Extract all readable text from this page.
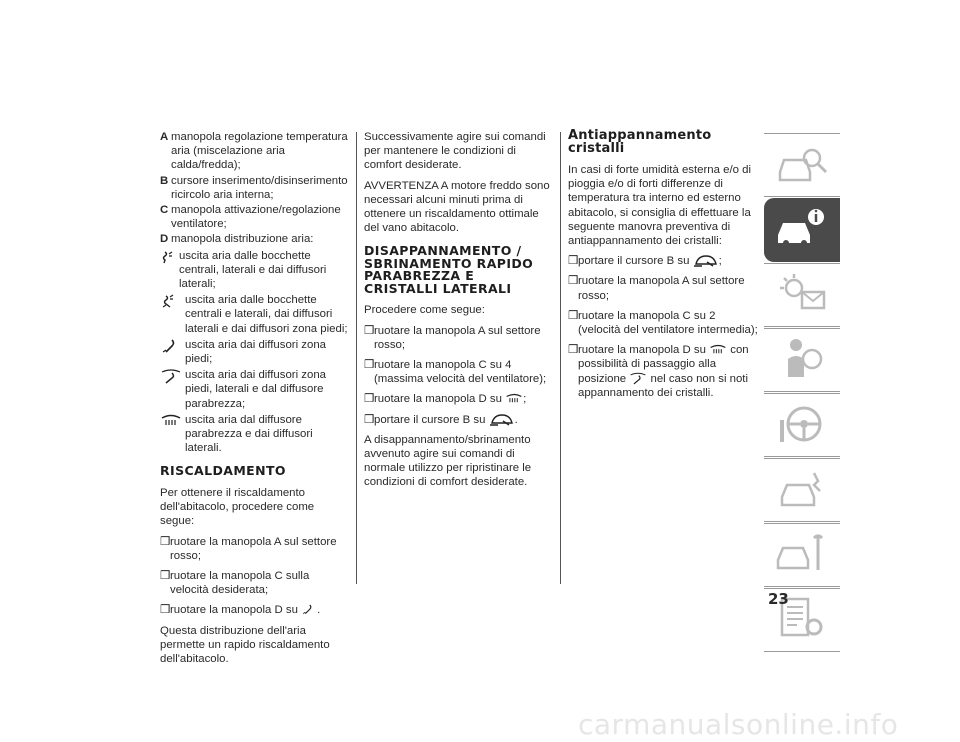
A manopola regolazione temperatura aria (miscelazione aria calda/fredda);
B cursore inserimento/disinserimento ricircolo aria interna;
C manopola attivazione/regolazione ventilatore;
D manopola distribuzione aria:
uscita aria dalle bocchette centrali, laterali e dai diffusori laterali;
uscita aria dalle bocchette centrali e laterali, dai diffusori laterali e dai diffusori zona piedi;
uscita aria dai diffusori zona piedi;
uscita aria dai diffusori zona piedi, laterali e dal diffusore parabrezza;
uscita aria dal diffusore parabrezza e dai diffusori laterali.
RISCALDAMENTO

Per ottenere il riscaldamento dell'abitacolo, procedere come segue:

❒ ruotare la manopola A sul settore rosso;
❒ ruotare la manopola C sulla velocità desiderata;
❒ ruotare la manopola D su .

Questa distribuzione dell'aria permette un rapido riscaldamento dell'abitacolo.

Successivamente agire sui comandi per mantenere le condizioni di comfort desiderate.

AVVERTENZA A motore freddo sono necessari alcuni minuti prima di ottenere un riscaldamento ottimale del vano abitacolo.

DISAPPANNAMENTO / SBRINAMENTO RAPIDO PARABREZZA E CRISTALLI LATERALI

Procedere come segue:

❒ ruotare la manopola A sul settore rosso;
❒ ruotare la manopola C su 4 (massima velocità del ventilatore);
❒ ruotare la manopola D su ;
❒ portare il cursore B su	.

A disappannamento/sbrinamento avvenuto agire sui comandi di normale utilizzo per ripristinare le condizioni di comfort desiderate.

Antiappannamento cristalli

In casi di forte umidità esterna e/o di pioggia e/o di forti differenze di temperatura tra interno ed esterno abitacolo, si consiglia di effettuare la seguente manovra preventiva di antiappannamento dei cristalli:

❒ portare il cursore B su	;
❒ ruotare la manopola A sul settore rosso;
❒ ruotare la manopola C su 2 (velocità del ventilatore intermedia);
❒ ruotare la manopola D su con possibilità di passaggio alla posizione nel caso non si noti appannamento dei cristalli.
23
carmanualsonline.info
